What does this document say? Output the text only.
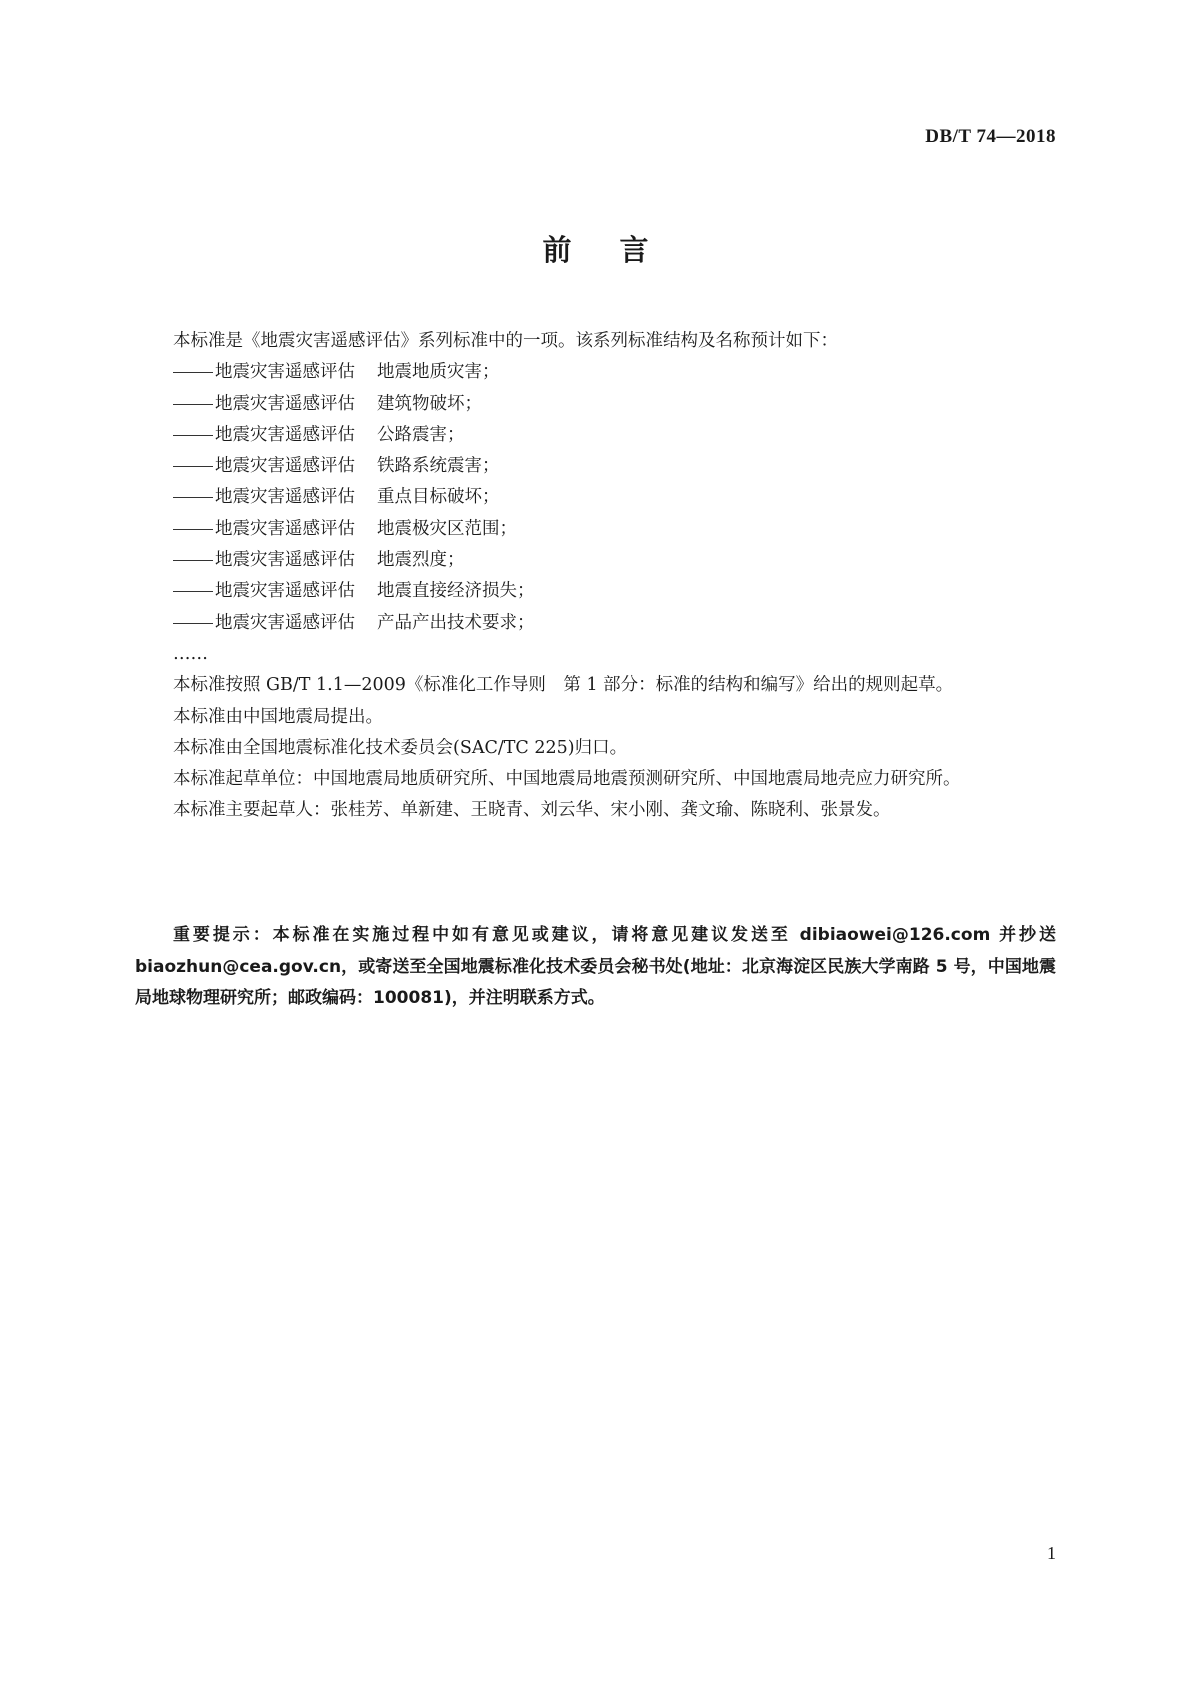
DB/T 74—2018
前言

本标准是《地震灾害遥感评估》系列标准中的一项。该系列标准结构及名称预计如下：

地震灾害遥感评估 地震地质灾害；

地震灾害遥感评估 建筑物破坏；

地震灾害遥感评估 公路震害；

地震灾害遥感评估 铁路系统震害；

地震灾害遥感评估 重点目标破坏；

地震灾害遥感评估 地震极灾区范围；

地震灾害遥感评估 地震烈度；

地震灾害遥感评估 地震直接经济损失；

地震灾害遥感评估 产品产出技术要求；

……

本标准按照 GB/T 1.1—2009《标准化工作导则　第 1 部分：标准的结构和编写》给出的规则起草。

本标准由中国地震局提出。

本标准由全国地震标准化技术委员会(SAC/TC 225)归口。

本标准起草单位：中国地震局地质研究所、中国地震局地震预测研究所、中国地震局地壳应力研究所。

本标准主要起草人：张桂芳、单新建、王晓青、刘云华、宋小刚、龚文瑜、陈晓利、张景发。

重要提示：本标准在实施过程中如有意见或建议，请将意见建议发送至 dibiaowei@126.com 并抄送 biaozhun@cea.gov.cn，或寄送至全国地震标准化技术委员会秘书处(地址：北京海淀区民族大学南路 5 号，中国地震局地球物理研究所；邮政编码：100081)，并注明联系方式。

1
